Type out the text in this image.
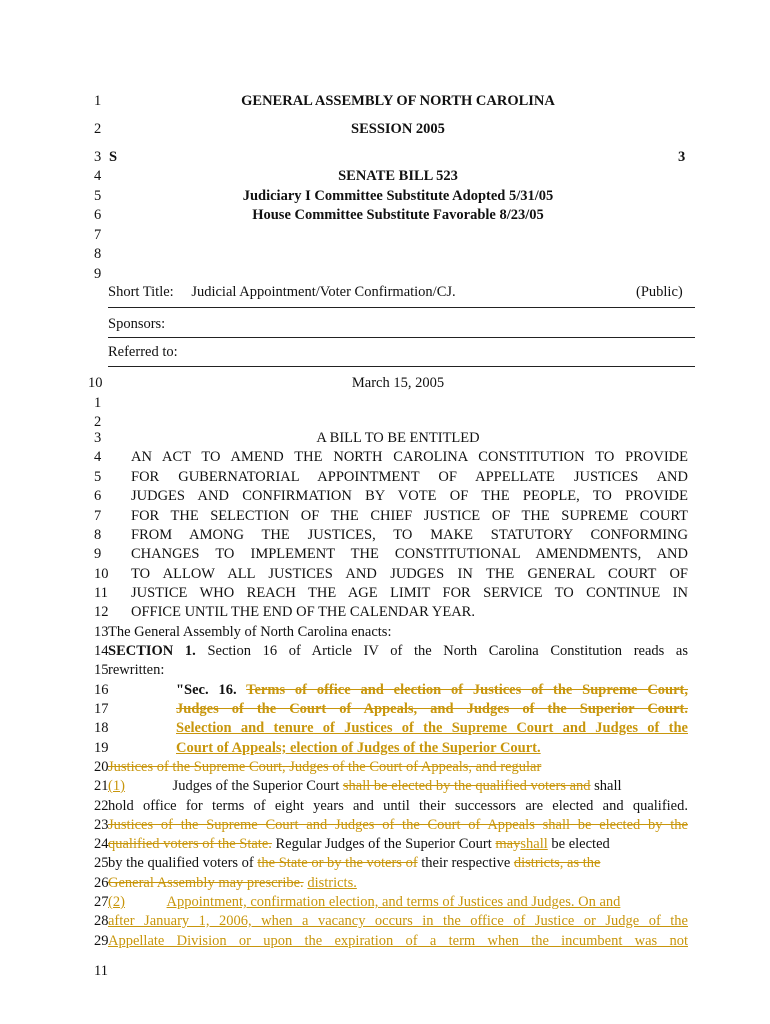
1	GENERAL ASSEMBLY OF NORTH CAROLINA
2	SESSION 2005
3 S	3
4	SENATE BILL 523
5	Judiciary I Committee Substitute Adopted 5/31/05
6	House Committee Substitute Favorable 8/23/05
7
8
9
Short Title: Judicial Appointment/Voter Confirmation/CJ.	(Public)
Sponsors:
Referred to:
10	March 15, 2005
1
2
3	A BILL TO BE ENTITLED
4 AN ACT TO AMEND THE NORTH CAROLINA CONSTITUTION TO PROVIDE
5 FOR GUBERNATORIAL APPOINTMENT OF APPELLATE JUSTICES AND
6 JUDGES AND CONFIRMATION BY VOTE OF THE PEOPLE, TO PROVIDE
7 FOR THE SELECTION OF THE CHIEF JUSTICE OF THE SUPREME COURT
8 FROM AMONG THE JUSTICES, TO MAKE STATUTORY CONFORMING
9 CHANGES TO IMPLEMENT THE CONSTITUTIONAL AMENDMENTS, AND
10 TO ALLOW ALL JUSTICES AND JUDGES IN THE GENERAL COURT OF
11 JUSTICE WHO REACH THE AGE LIMIT FOR SERVICE TO CONTINUE IN
12 OFFICE UNTIL THE END OF THE CALENDAR YEAR.
13 The General Assembly of North Carolina enacts:
14 SECTION 1. Section 16 of Article IV of the North Carolina Constitution reads as
15 rewritten:
16	"Sec. 16. Terms of office and election of Justices of the Supreme Court,
17	Judges of the Court of Appeals, and Judges of the Superior Court.
18	Selection and tenure of Justices of the Supreme Court and Judges of the
19	Court of Appeals; election of Judges of the Superior Court.
20 Justices of the Supreme Court, Judges of the Court of Appeals, and regular
21 (1)	Judges of the Superior Court shall be elected by the qualified voters and shall
22 hold office for terms of eight years and until their successors are elected and qualified.
23 Justices of the Supreme Court and Judges of the Court of Appeals shall be elected by the
24 qualified voters of the State. Regular Judges of the Superior Court mayshall be elected
25 by the qualified voters of the State or by the voters of their respective districts, as the
26 General Assembly may prescribe. districts.
27 (2)	Appointment, confirmation election, and terms of Justices and Judges. On and
28 after January 1, 2006, when a vacancy occurs in the office of Justice or Judge of the
29 Appellate Division or upon the expiration of a term when the incumbent was not
11
